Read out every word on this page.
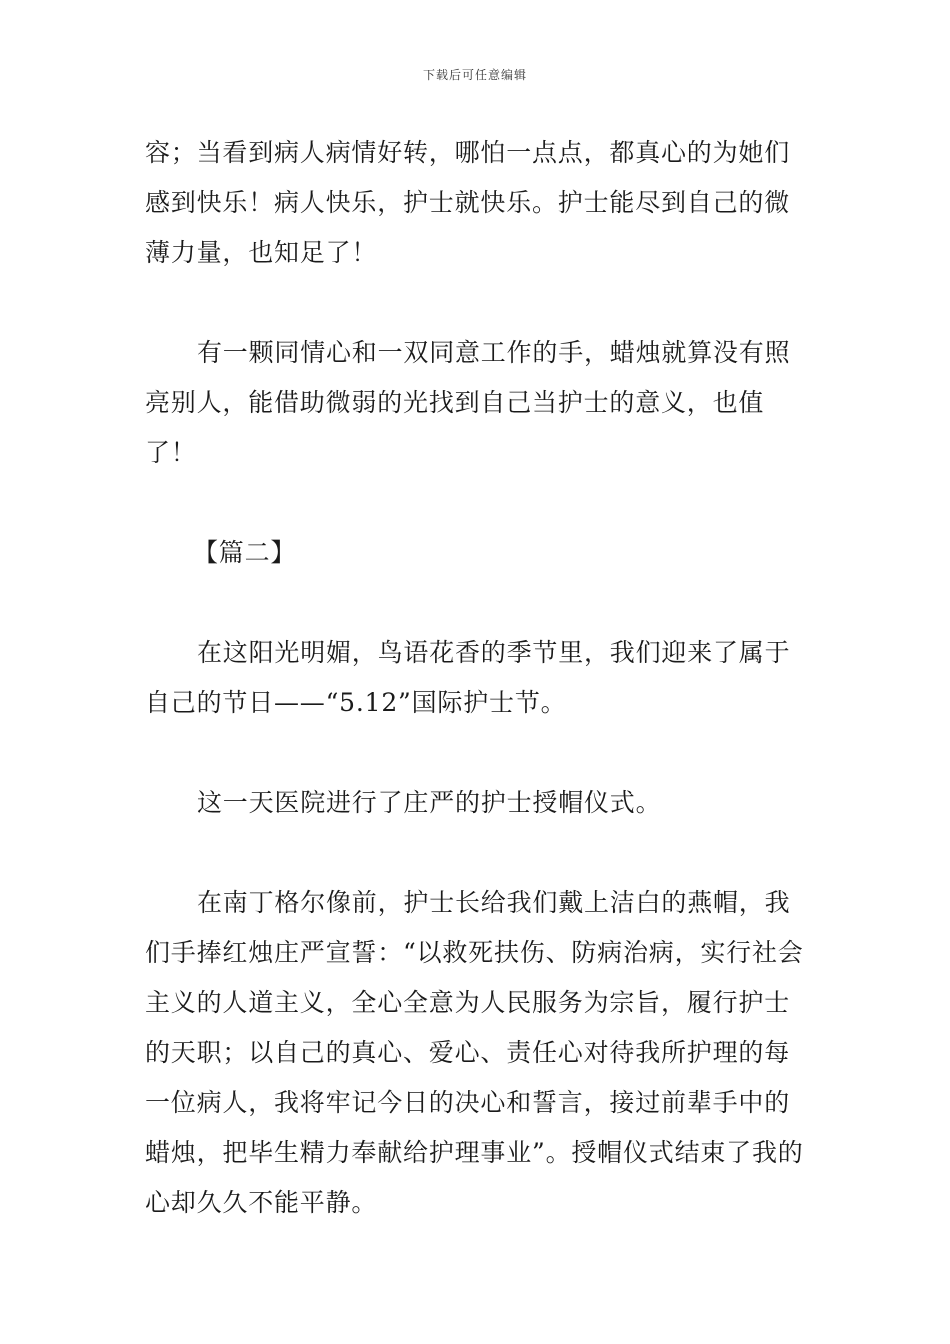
下载后可任意编辑

容；当看到病人病情好转，哪怕一点点，都真心的为她们感到快乐！病人快乐，护士就快乐。护士能尽到自己的微薄力量，也知足了！

有一颗同情心和一双同意工作的手，蜡烛就算没有照亮别人，能借助微弱的光找到自己当护士的意义，也值了！

【篇二】

在这阳光明媚，鸟语花香的季节里，我们迎来了属于自己的节日——“5.12”国际护士节。

这一天医院进行了庄严的护士授帽仪式。

在南丁格尔像前，护士长给我们戴上洁白的燕帽，我们手捧红烛庄严宣誓：“以救死扶伤、防病治病，实行社会主义的人道主义，全心全意为人民服务为宗旨，履行护士的天职；以自己的真心、爱心、责任心对待我所护理的每一位病人，我将牢记今日的决心和誓言，接过前辈手中的蜡烛，把毕生精力奉献给护理事业”。授帽仪式结束了我的心却久久不能平静。
